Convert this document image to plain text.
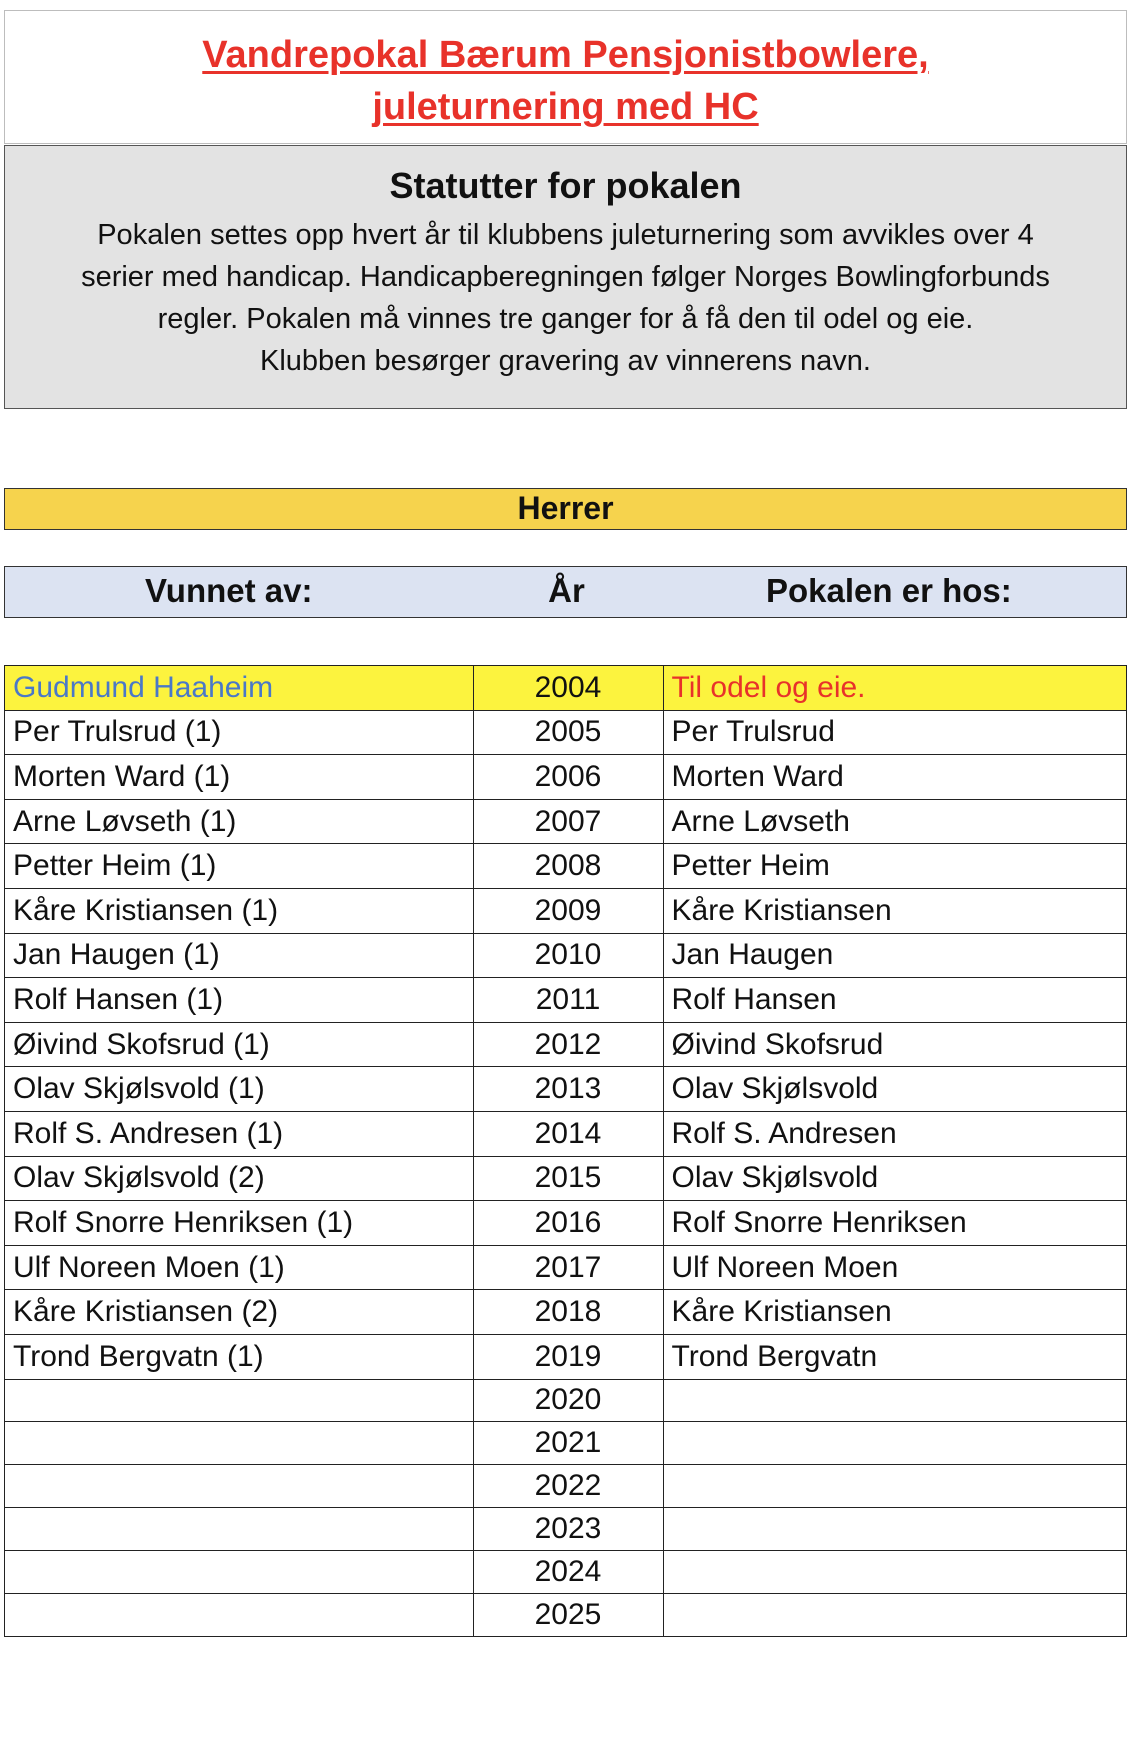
Vandrepokal Bærum Pensjonistbowlere,
juleturnering med HC
Statutter for pokalen

Pokalen settes opp hvert år til klubbens juleturnering som avvikles over 4

serier med handicap. Handicapberegningen følger Norges Bowlingforbunds

regler. Pokalen må vinnes tre ganger for å få den til odel og eie.

Klubben besørger gravering av vinnerens navn.

Herrer
Vunnet av:	År	Pokalen er hos:
Gudmund Haaheim	2004	Til odel og eie.
Per Trulsrud (1)	2005	Per Trulsrud
Morten Ward (1)	2006	Morten Ward
Arne Løvseth (1)	2007	Arne Løvseth
Petter Heim (1)	2008	Petter Heim
Kåre Kristiansen (1)	2009	Kåre Kristiansen
Jan Haugen (1)	2010	Jan Haugen
Rolf Hansen (1)	2011	Rolf Hansen
Øivind Skofsrud (1)	2012	Øivind Skofsrud
Olav Skjølsvold (1)	2013	Olav Skjølsvold
Rolf S. Andresen (1)	2014	Rolf S. Andresen
Olav Skjølsvold (2)	2015	Olav Skjølsvold
Rolf Snorre Henriksen (1)	2016	Rolf Snorre Henriksen
Ulf Noreen Moen (1)	2017	Ulf Noreen Moen
Kåre Kristiansen (2)	2018	Kåre Kristiansen
Trond Bergvatn (1)	2019	Trond Bergvatn
	2020	
	2021	
	2022	
	2023	
	2024	
	2025	
